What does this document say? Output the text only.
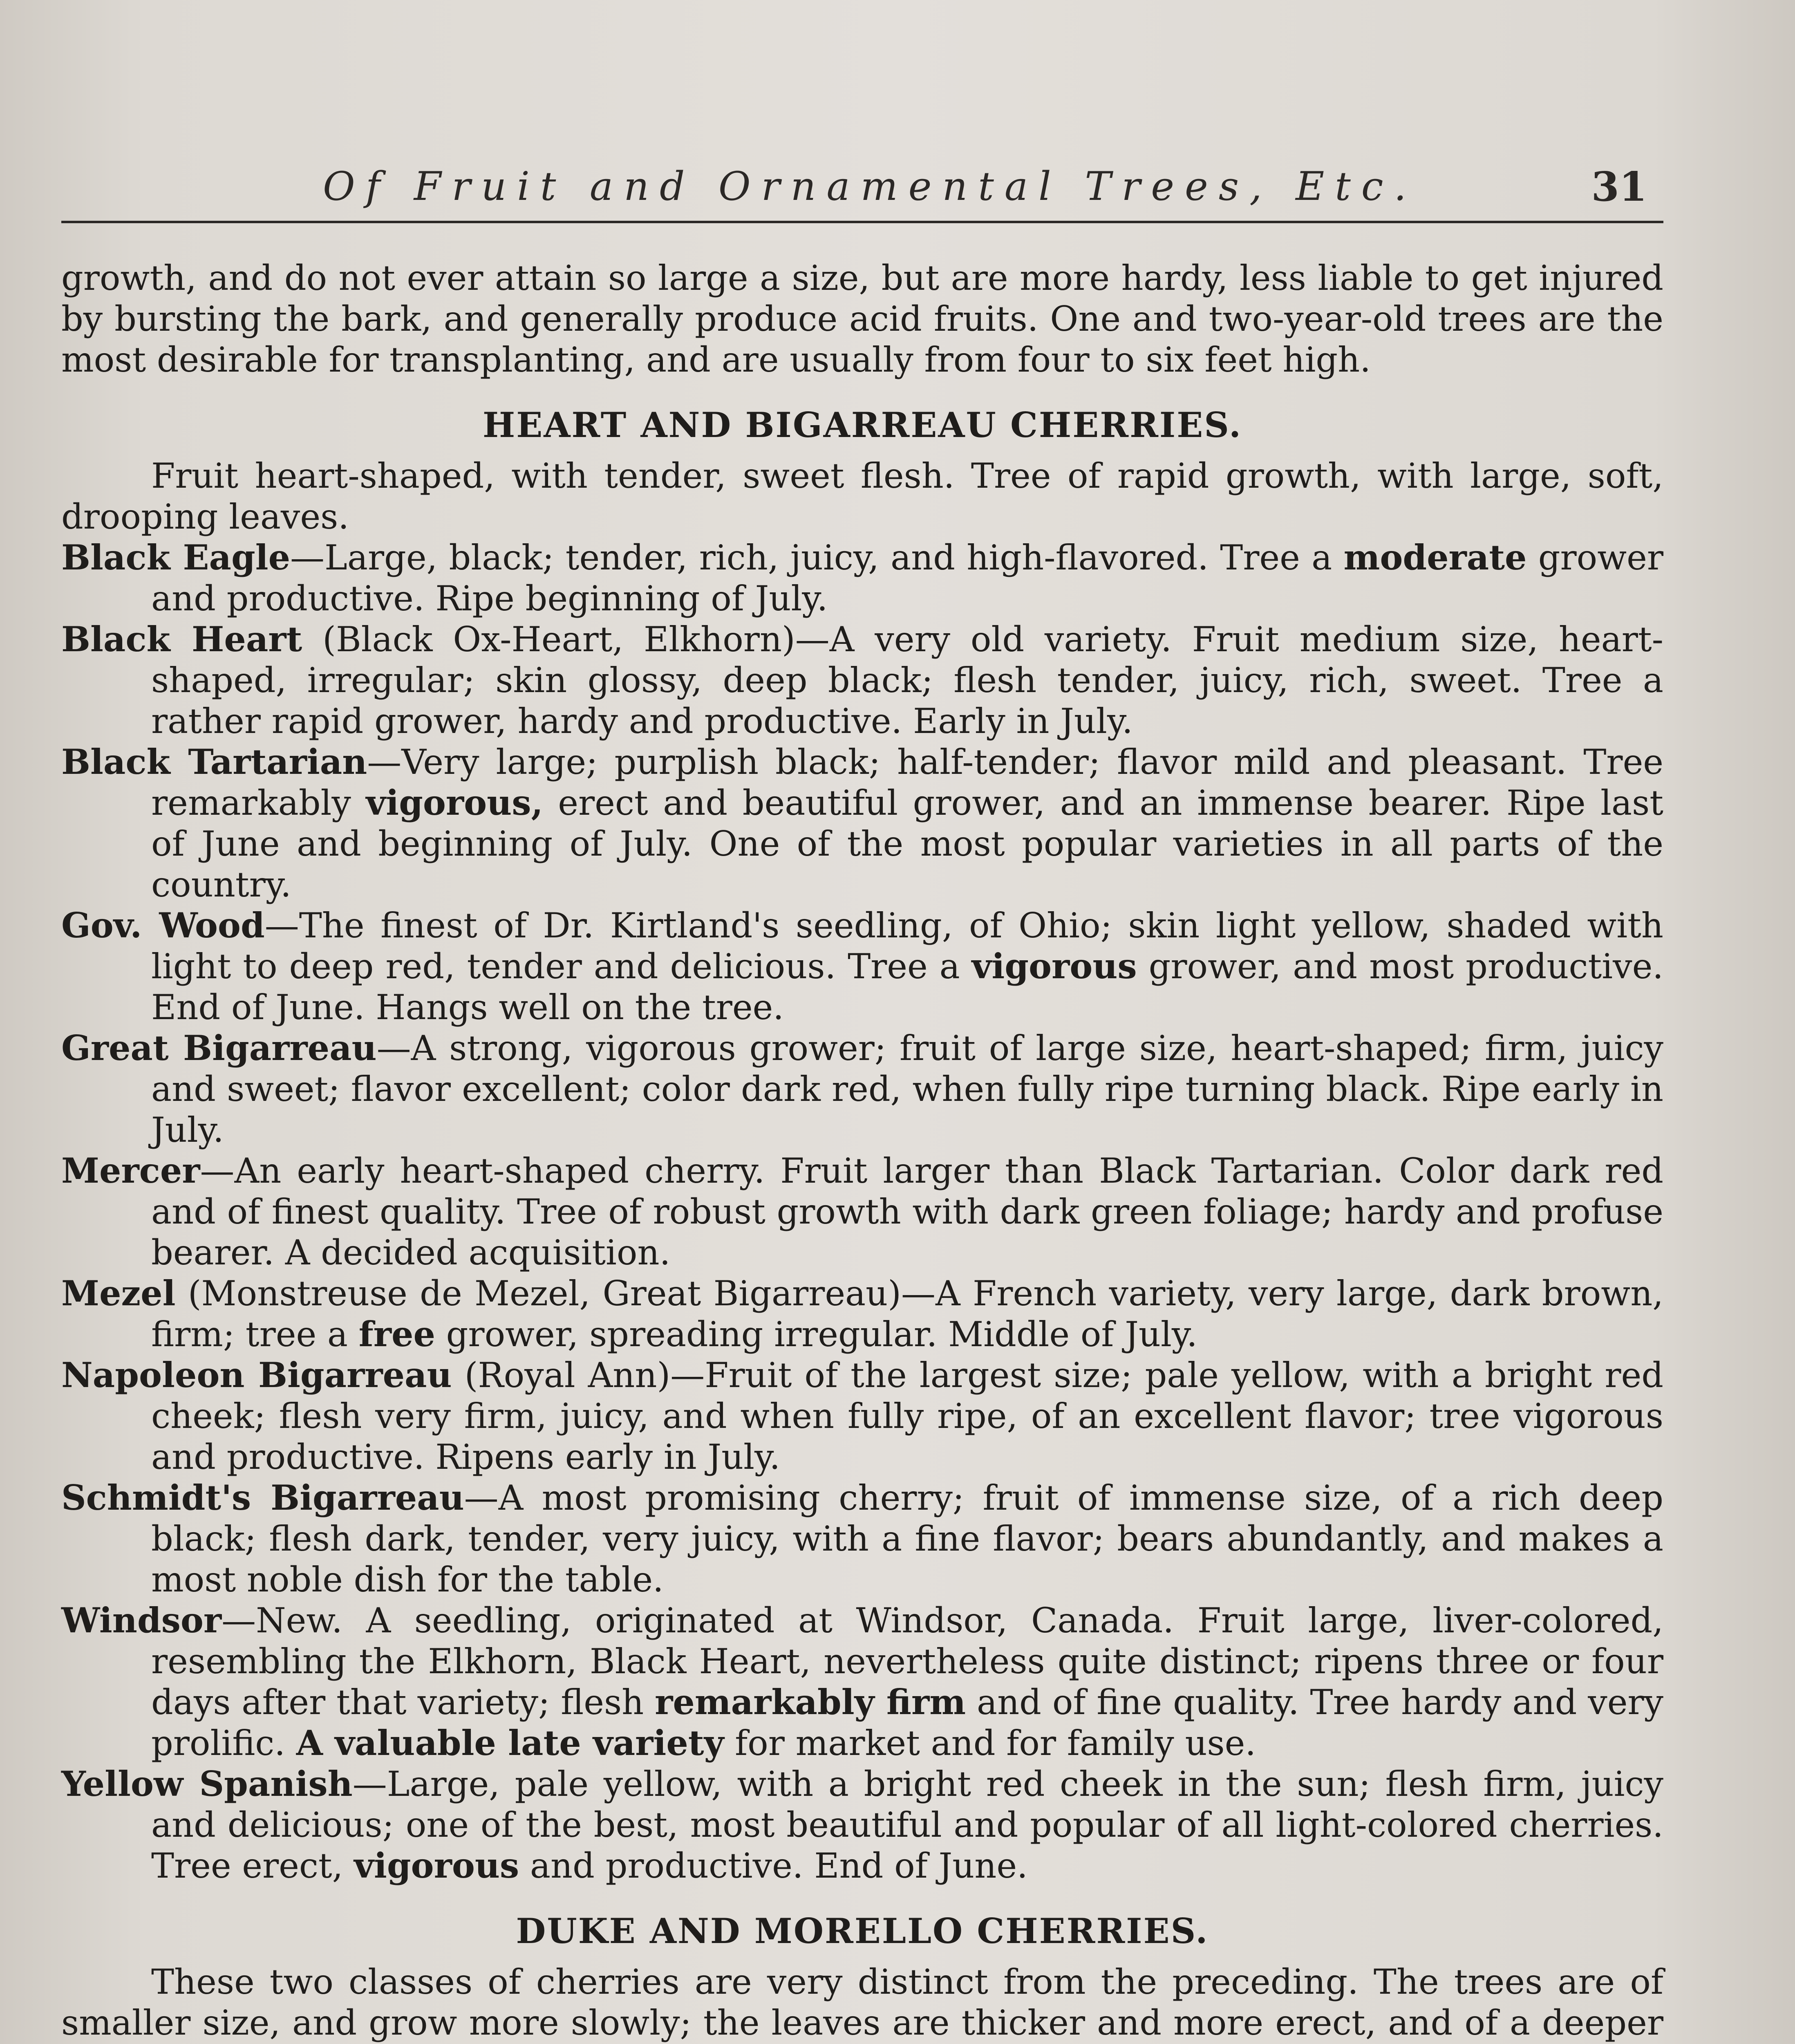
Of Fruit and Ornamental Trees, Etc.	31

growth, and do not ever attain so large a size, but are more hardy, less liable to get injured by bursting the bark, and generally produce acid fruits. One and two-year-old trees are the most desirable for transplanting, and are usually from four to six feet high.

HEART AND BIGARREAU CHERRIES.

Fruit heart-shaped, with tender, sweet flesh. Tree of rapid growth, with large, soft, drooping leaves.

Black Eagle—Large, black; tender, rich, juicy, and high-flavored. Tree a moderate grower and productive. Ripe beginning of July.

Black Heart (Black Ox-Heart, Elkhorn)—A very old variety. Fruit medium size, heart-shaped, irregular; skin glossy, deep black; flesh tender, juicy, rich, sweet. Tree a rather rapid grower, hardy and productive. Early in July.

Black Tartarian—Very large; purplish black; half-tender; flavor mild and pleasant. Tree remarkably vigorous, erect and beautiful grower, and an immense bearer. Ripe last of June and beginning of July. One of the most popular varieties in all parts of the country.

Gov. Wood—The finest of Dr. Kirtland's seedling, of Ohio; skin light yellow, shaded with light to deep red, tender and delicious. Tree a vigorous grower, and most productive. End of June. Hangs well on the tree.

Great Bigarreau—A strong, vigorous grower; fruit of large size, heart-shaped; firm, juicy and sweet; flavor excellent; color dark red, when fully ripe turning black. Ripe early in July.

Mercer—An early heart-shaped cherry. Fruit larger than Black Tartarian. Color dark red and of finest quality. Tree of robust growth with dark green foliage; hardy and profuse bearer. A decided acquisition.

Mezel (Monstreuse de Mezel, Great Bigarreau)—A French variety, very large, dark brown, firm; tree a free grower, spreading irregular. Middle of July.

Napoleon Bigarreau (Royal Ann)—Fruit of the largest size; pale yellow, with a bright red cheek; flesh very firm, juicy, and when fully ripe, of an excellent flavor; tree vigorous and productive. Ripens early in July.

Schmidt's Bigarreau—A most promising cherry; fruit of immense size, of a rich deep black; flesh dark, tender, very juicy, with a fine flavor; bears abundantly, and makes a most noble dish for the table.

Windsor—New. A seedling, originated at Windsor, Canada. Fruit large, liver-colored, resembling the Elkhorn, Black Heart, nevertheless quite distinct; ripens three or four days after that variety; flesh remarkably firm and of fine quality. Tree hardy and very prolific. A valuable late variety for market and for family use.

Yellow Spanish—Large, pale yellow, with a bright red cheek in the sun; flesh firm, juicy and delicious; one of the best, most beautiful and popular of all light-colored cherries. Tree erect, vigorous and productive. End of June.

DUKE AND MORELLO CHERRIES.

These two classes of cherries are very distinct from the preceding. The trees are of smaller size, and grow more slowly; the leaves are thicker and more erect, and of a deeper
